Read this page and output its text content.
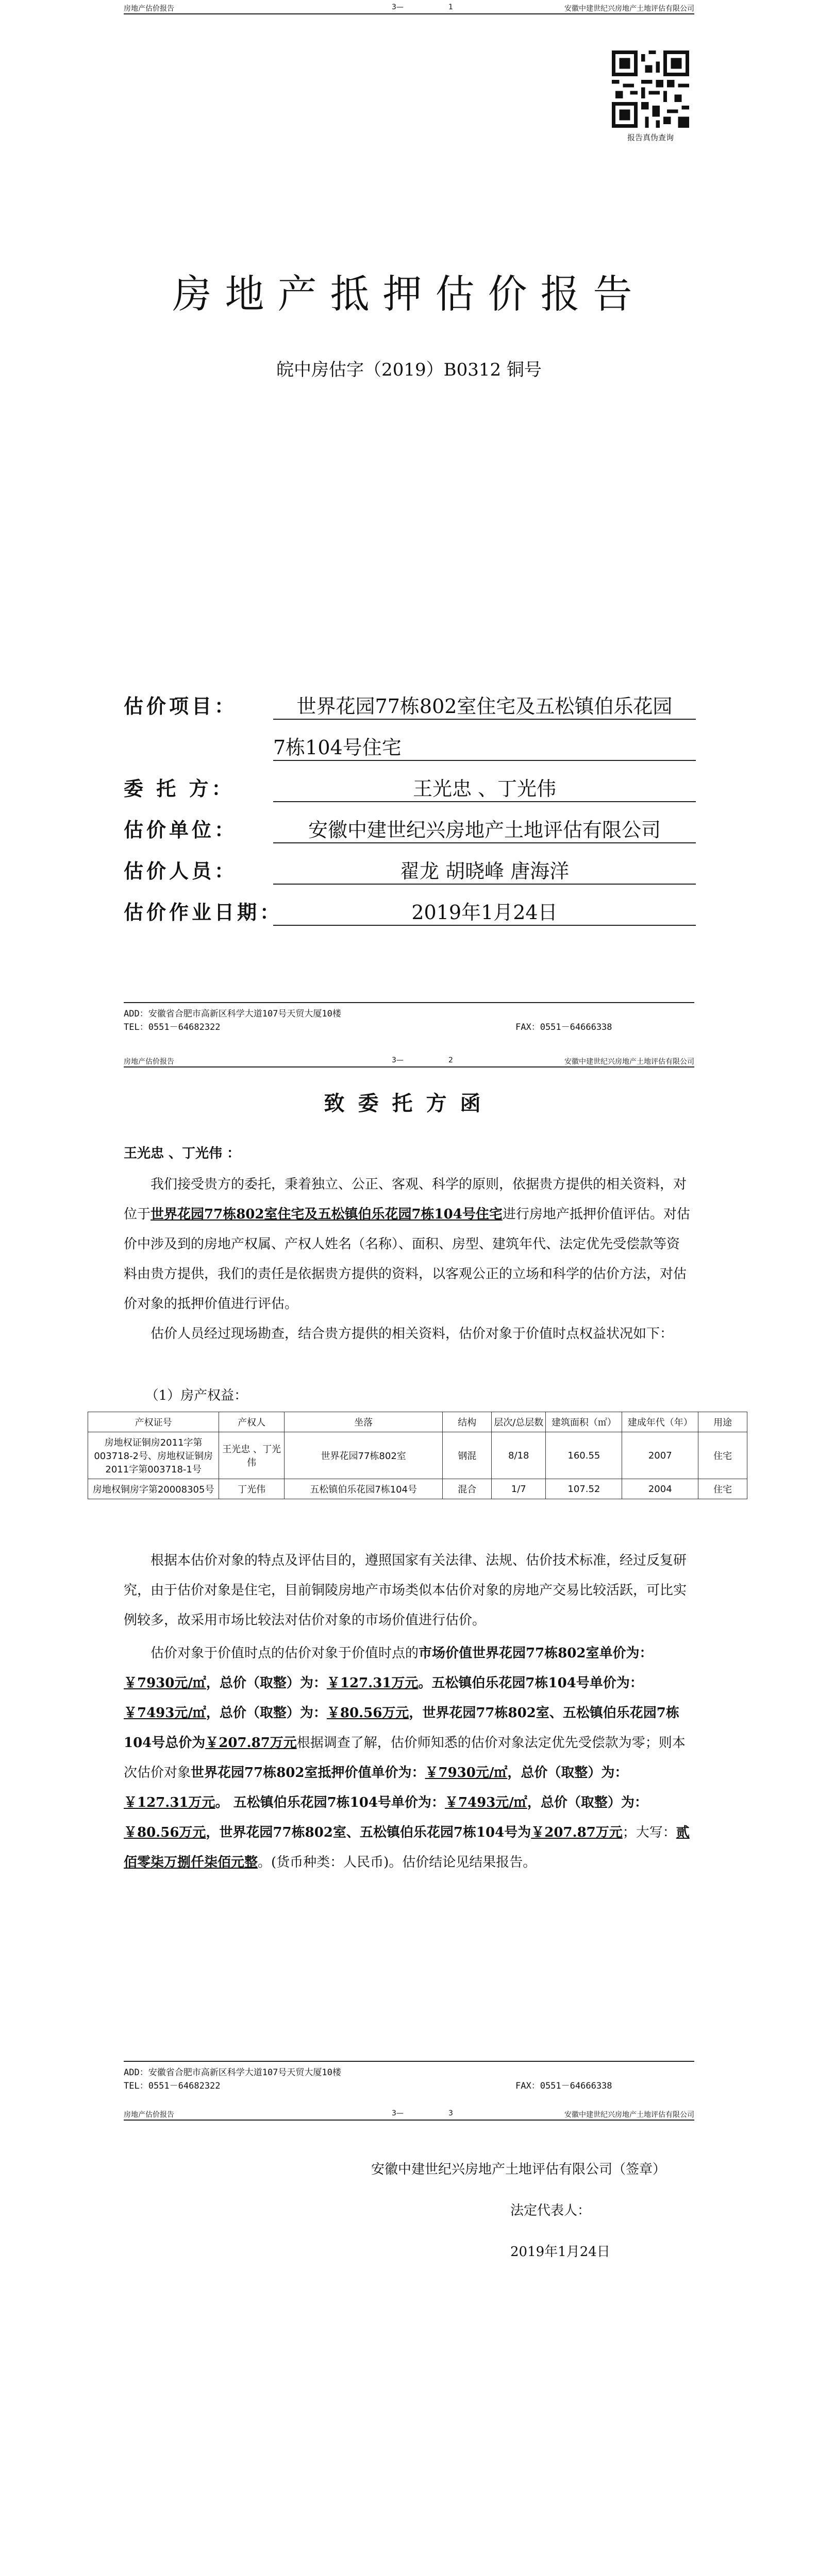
房地产估价报告	3—	1	安徽中建世纪兴房地产土地评估有限公司
报告真伪查询
房地产抵押估价报告
皖中房估字（2019）B0312 铜号
估价项目：	世界花园77栋802室住宅及五松镇伯乐花园
7栋104号住宅
委 托 方：	王光忠 、丁光伟
估价单位：	安徽中建世纪兴房地产土地评估有限公司
估价人员：	翟龙 胡晓峰 唐海洋
估价作业日期：	2019年1月24日
ADD：安徽省合肥市高新区科学大道107号天贸大厦10楼
TEL：0551－64682322	FAX：0551－64666338
房地产估价报告	3—	2	安徽中建世纪兴房地产土地评估有限公司
致委托方函
王光忠 、丁光伟 ：
我们接受贵方的委托，秉着独立、公正、客观、科学的原则，依据贵方提供的相关资料，对位于世界花园77栋802室住宅及五松镇伯乐花园7栋104号住宅进行房地产抵押价值评估。对估价中涉及到的房地产权属、产权人姓名（名称）、面积、房型、建筑年代、法定优先受偿款等资料由贵方提供，我们的责任是依据贵方提供的资料，以客观公正的立场和科学的估价方法，对估价对象的抵押价值进行评估。
估价人员经过现场勘查，结合贵方提供的相关资料，估价对象于价值时点权益状况如下：
（1）房产权益：
产权证号	产权人	坐落	结构	层次/总层数	建筑面积（㎡）	建成年代（年）	用途
房地权证铜房2011字第003718-2号、房地权证铜房2011字第003718-1号	王光忠 、丁光伟	世界花园77栋802室	钢混	8/18	160.55	2007	住宅
房地权铜房字第20008305号	丁光伟	五松镇伯乐花园7栋104号	混合	1/7	107.52	2004	住宅
根据本估价对象的特点及评估目的，遵照国家有关法律、法规、估价技术标准，经过反复研究，由于估价对象是住宅，目前铜陵房地产市场类似本估价对象的房地产交易比较活跃，可比实例较多，故采用市场比较法对估价对象的市场价值进行估价。
估价对象于价值时点的估价对象于价值时点的市场价值世界花园77栋802室单价为：￥7930元/㎡，总价（取整）为：￥127.31万元。五松镇伯乐花园7栋104号单价为：￥7493元/㎡，总价（取整）为：￥80.56万元，世界花园77栋802室、五松镇伯乐花园7栋104号总价为￥207.87万元根据调查了解，估价师知悉的估价对象法定优先受偿款为零；则本次估价对象世界花园77栋802室抵押价值单价为：￥7930元/㎡，总价（取整）为：￥127.31万元。 五松镇伯乐花园7栋104号单价为：￥7493元/㎡，总价（取整）为：￥80.56万元，世界花园77栋802室、五松镇伯乐花园7栋104号为￥207.87万元；大写：贰佰零柒万捌仟柒佰元整。(货币种类：人民币)。估价结论见结果报告。
ADD：安徽省合肥市高新区科学大道107号天贸大厦10楼
TEL：0551－64682322	FAX：0551－64666338
房地产估价报告	3—	3	安徽中建世纪兴房地产土地评估有限公司
安徽中建世纪兴房地产土地评估有限公司（签章）
法定代表人：
2019年1月24日
